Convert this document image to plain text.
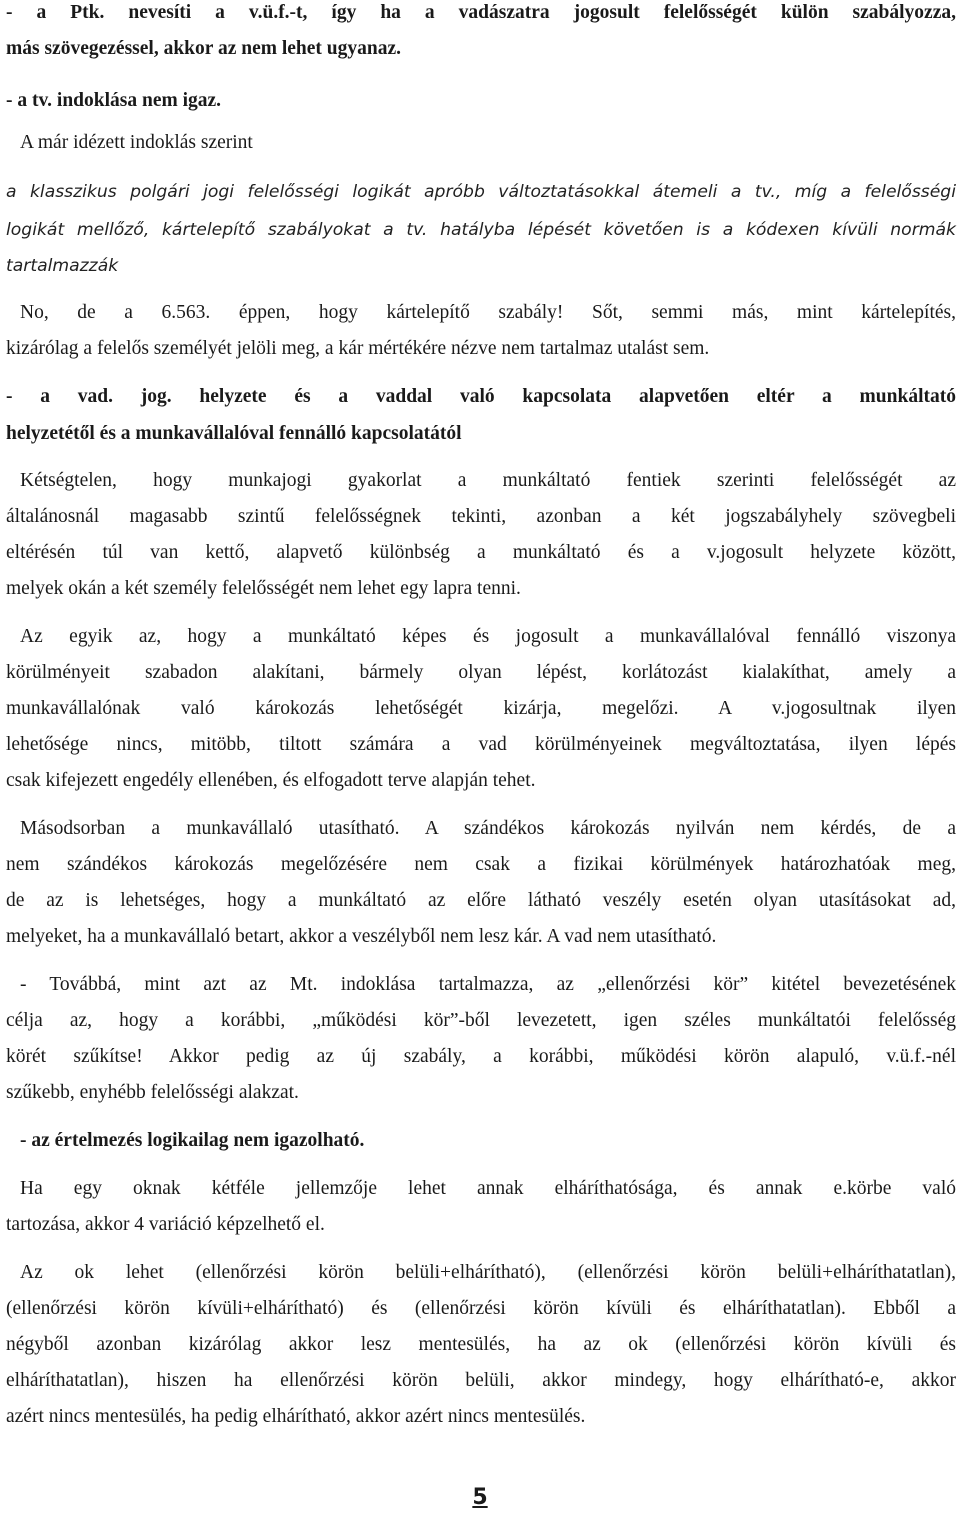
- a Ptk. nevesíti a v.ü.f.-t, így ha a vadászatra jogosult felelősségét külön szabályozza,
más szövegezéssel, akkor az nem lehet ugyanaz.
- a tv. indoklása nem igaz.
A már idézett indoklás szerint
a klasszikus polgári jogi felelősségi logikát apróbb változtatásokkal átemeli a tv., míg a felelősségi
logikát mellőző, kártelepítő szabályokat a tv. hatályba lépését követően is a kódexen kívüli normák
tartalmazzák
No, de a 6.563. éppen, hogy kártelepítő szabály! Sőt, semmi más, mint kártelepítés,
kizárólag a felelős személyét jelöli meg, a kár mértékére nézve nem tartalmaz utalást sem.
- a vad. jog. helyzete és a vaddal való kapcsolata alapvetően eltér a munkáltató
helyzetétől és a munkavállalóval fennálló kapcsolatától
Kétségtelen, hogy munkajogi gyakorlat a munkáltató fentiek szerinti felelősségét az
általánosnál magasabb szintű felelősségnek tekinti, azonban a két jogszabályhely szövegbeli
eltérésén túl van kettő, alapvető különbség a munkáltató és a v.jogosult helyzete között,
melyek okán a két személy felelősségét nem lehet egy lapra tenni.
Az egyik az, hogy a munkáltató képes és jogosult a munkavállalóval fennálló viszonya
körülményeit szabadon alakítani, bármely olyan lépést, korlátozást kialakíthat, amely a
munkavállalónak való károkozás lehetőségét kizárja, megelőzi. A v.jogosultnak ilyen
lehetősége nincs, mitöbb, tiltott számára a vad körülményeinek megváltoztatása, ilyen lépés
csak kifejezett engedély ellenében, és elfogadott terve alapján tehet.
Másodsorban a munkavállaló utasítható. A szándékos károkozás nyilván nem kérdés, de a
nem szándékos károkozás megelőzésére nem csak a fizikai körülmények határozhatóak meg,
de az is lehetséges, hogy a munkáltató az előre látható veszély esetén olyan utasításokat ad,
melyeket, ha a munkavállaló betart, akkor a veszélyből nem lesz kár. A vad nem utasítható.
- Továbbá, mint azt az Mt. indoklása tartalmazza, az „ellenőrzési kör” kitétel bevezetésének
célja az, hogy a korábbi, „működési kör”-ből levezetett, igen széles munkáltatói felelősség
körét szűkítse! Akkor pedig az új szabály, a korábbi, működési körön alapuló, v.ü.f.-nél
szűkebb, enyhébb felelősségi alakzat.
- az értelmezés logikailag nem igazolható.
Ha egy oknak kétféle jellemzője lehet annak elháríthatósága, és annak e.körbe való
tartozása, akkor 4 variáció képzelhető el.
Az ok lehet (ellenőrzési körön belüli+elhárítható), (ellenőrzési körön belüli+elháríthatatlan),
(ellenőrzési körön kívüli+elhárítható) és (ellenőrzési körön kívüli és elháríthatatlan). Ebből a
négyből azonban kizárólag akkor lesz mentesülés, ha az ok (ellenőrzési körön kívüli és
elháríthatatlan), hiszen ha ellenőrzési körön belüli, akkor mindegy, hogy elhárítható-e, akkor
azért nincs mentesülés, ha pedig elhárítható, akkor azért nincs mentesülés.
5
